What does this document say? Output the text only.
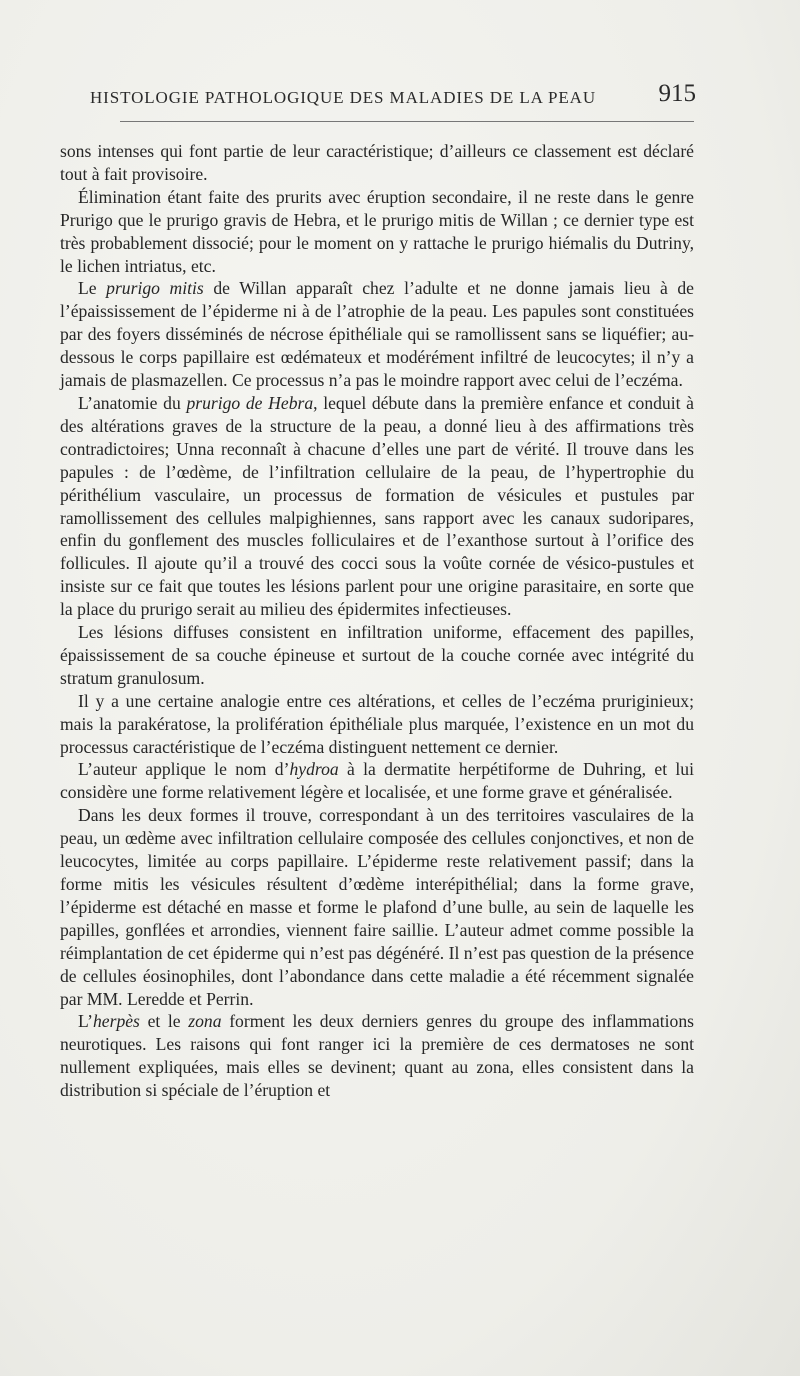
HISTOLOGIE PATHOLOGIQUE DES MALADIES DE LA PEAU 915

sons intenses qui font partie de leur caractéristique; d’ailleurs ce classement est déclaré tout à fait provisoire.

Élimination étant faite des prurits avec éruption secondaire, il ne reste dans le genre Prurigo que le prurigo gravis de Hebra, et le prurigo mitis de Willan ; ce dernier type est très probablement dissocié; pour le moment on y rattache le prurigo hiémalis du Dutriny, le lichen intriatus, etc.

Le prurigo mitis de Willan apparaît chez l’adulte et ne donne jamais lieu à de l’épaississement de l’épiderme ni à de l’atrophie de la peau. Les papules sont constituées par des foyers disséminés de nécrose épithéliale qui se ramollissent sans se liquéfier; au-dessous le corps papillaire est œdémateux et modérément infiltré de leucocytes; il n’y a jamais de plasmazellen. Ce processus n’a pas le moindre rapport avec celui de l’eczéma.

L’anatomie du prurigo de Hebra, lequel débute dans la première enfance et conduit à des altérations graves de la structure de la peau, a donné lieu à des affirmations très contradictoires; Unna reconnaît à chacune d’elles une part de vérité. Il trouve dans les papules : de l’œdème, de l’infiltration cellulaire de la peau, de l’hypertrophie du périthélium vasculaire, un processus de formation de vésicules et pustules par ramollissement des cellules malpighiennes, sans rapport avec les canaux sudoripares, enfin du gonflement des muscles folliculaires et de l’exanthose surtout à l’orifice des follicules. Il ajoute qu’il a trouvé des cocci sous la voûte cornée de vésico-pustules et insiste sur ce fait que toutes les lésions parlent pour une origine parasitaire, en sorte que la place du prurigo serait au milieu des épidermites infectieuses.

Les lésions diffuses consistent en infiltration uniforme, effacement des papilles, épaississement de sa couche épineuse et surtout de la couche cornée avec intégrité du stratum granulosum.

Il y a une certaine analogie entre ces altérations, et celles de l’eczéma pruriginieux; mais la parakératose, la prolifération épithéliale plus marquée, l’existence en un mot du processus caractéristique de l’eczéma distinguent nettement ce dernier.

L’auteur applique le nom d’hydroa à la dermatite herpétiforme de Duhring, et lui considère une forme relativement légère et localisée, et une forme grave et généralisée.

Dans les deux formes il trouve, correspondant à un des territoires vasculaires de la peau, un œdème avec infiltration cellulaire composée des cellules conjonctives, et non de leucocytes, limitée au corps papillaire. L’épiderme reste relativement passif; dans la forme mitis les vésicules résultent d’œdème interépithélial; dans la forme grave, l’épiderme est détaché en masse et forme le plafond d’une bulle, au sein de laquelle les papilles, gonflées et arrondies, viennent faire saillie. L’auteur admet comme possible la réimplantation de cet épiderme qui n’est pas dégénéré. Il n’est pas question de la présence de cellules éosinophiles, dont l’abondance dans cette maladie a été récemment signalée par MM. Leredde et Perrin.

L’herpès et le zona forment les deux derniers genres du groupe des inflammations neurotiques. Les raisons qui font ranger ici la première de ces dermatoses ne sont nullement expliquées, mais elles se devinent; quant au zona, elles consistent dans la distribution si spéciale de l’éruption et
